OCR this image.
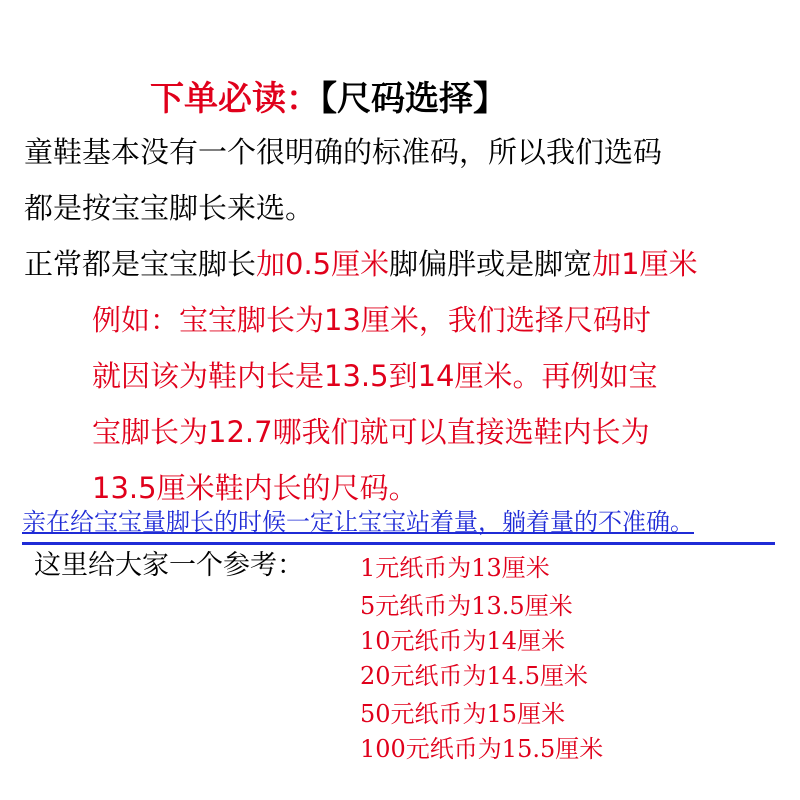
下单必读：【尺码选择】
童鞋基本没有一个很明确的标准码，所以我们选码
都是按宝宝脚长来选。
正常都是宝宝脚长加0.5厘米脚偏胖或是脚宽加1厘米
例如：宝宝脚长为13厘米，我们选择尺码时
就因该为鞋内长是13.5到14厘米。再例如宝
宝脚长为12.7哪我们就可以直接选鞋内长为
13.5厘米鞋内长的尺码。
亲在给宝宝量脚长的时候一定让宝宝站着量，躺着量的不准确。
这里给大家一个参考： 1元纸币为13厘米
5元纸币为13.5厘米
10元纸币为14厘米
20元纸币为14.5厘米
50元纸币为15厘米
100元纸币为15.5厘米
